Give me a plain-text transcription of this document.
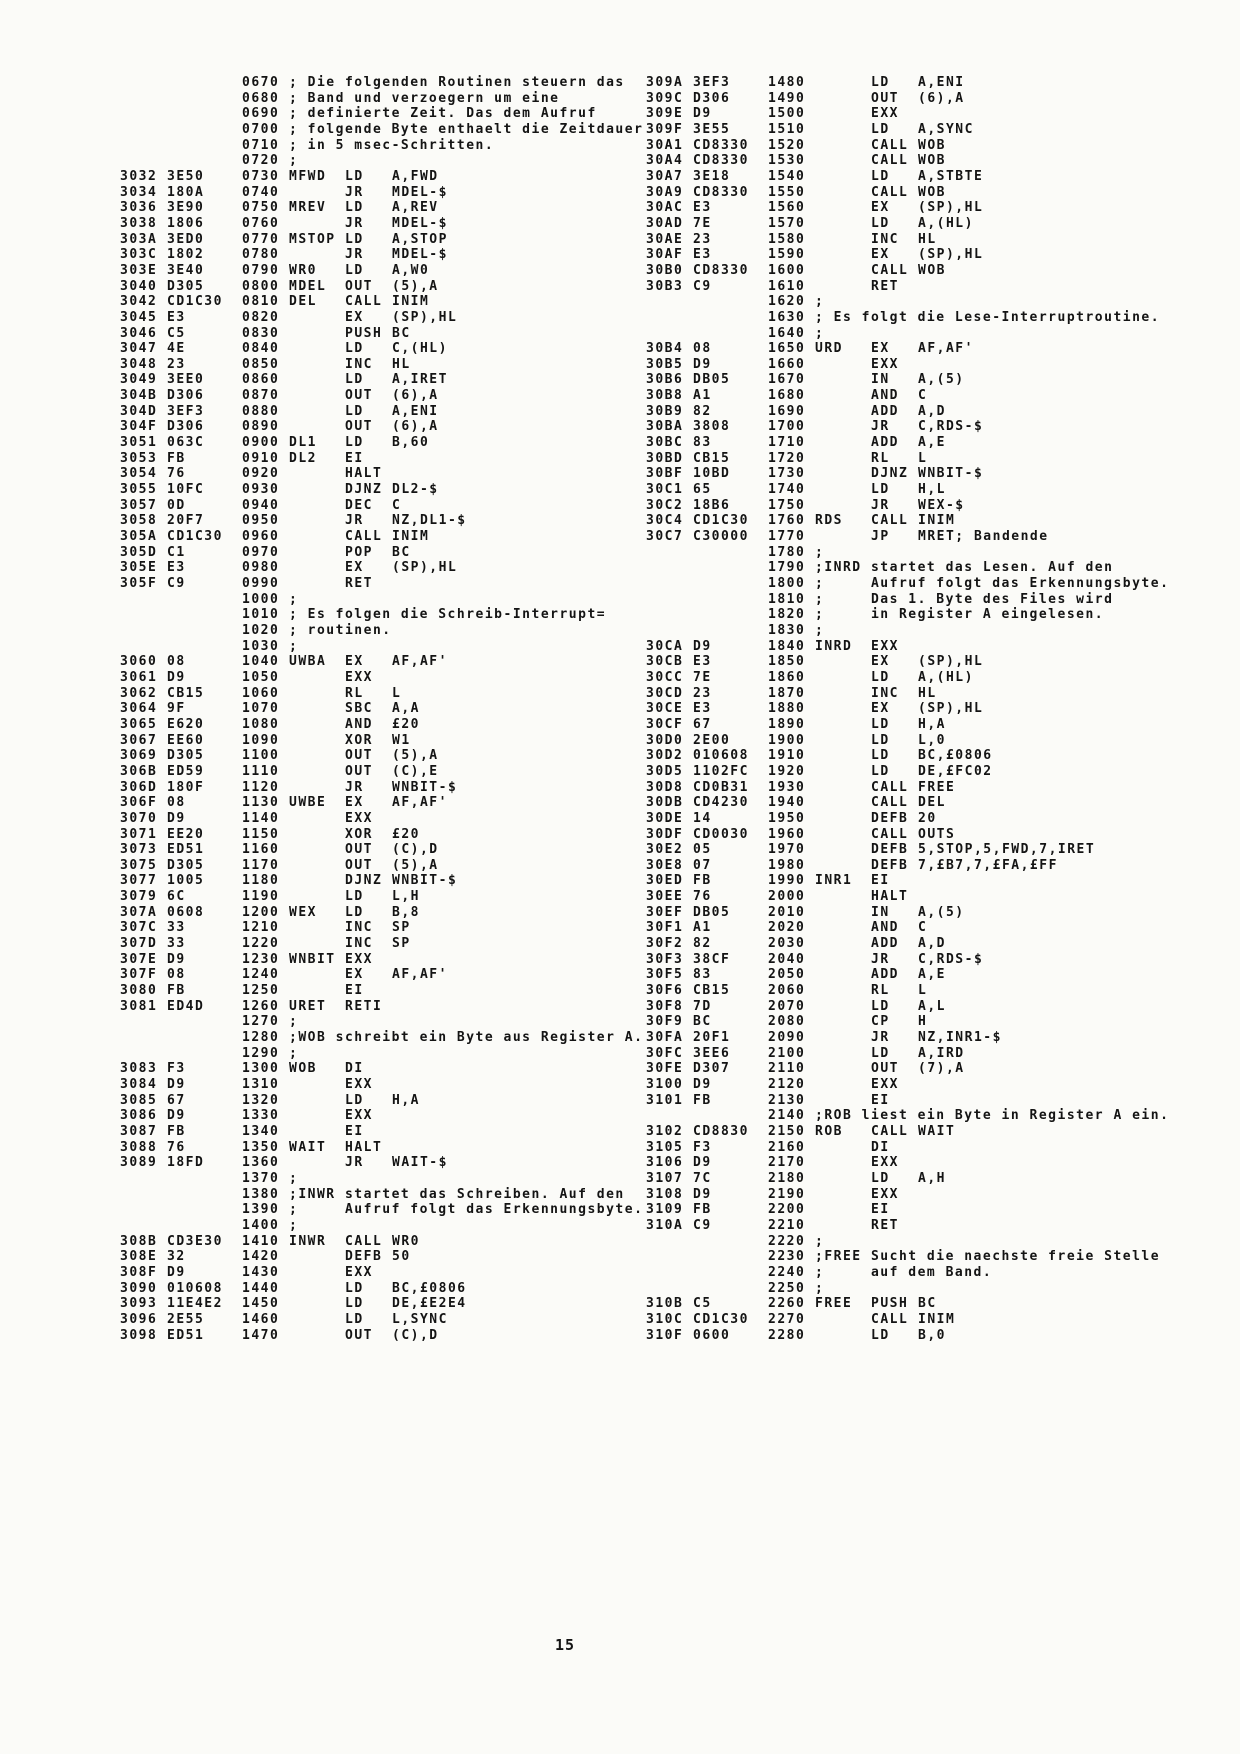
0670 ; Die folgenden Routinen steuern das
0680 ; Band und verzoegern um eine
0690 ; definierte Zeit. Das dem Aufruf
0700 ; folgende Byte enthaelt die Zeitdauer
0710 ; in 5 msec-Schritten.
0720 ;
3032 3E50	0730 MFWD LD A,FWD
3034 180A	0740	JR MDEL-$
3036 3E90	0750 MREV LD A,REV
3038 1806	0760	JR MDEL-$
303A 3ED0	0770 MSTOP LD A,STOP
303C 1802	0780	JR MDEL-$
303E 3E40	0790 WR0 LD A,W0
3040 D305	0800 MDEL OUT (5),A
3042 CD1C30 0810 DEL CALL INIM
3045 E3	0820	EX (SP),HL
3046 C5	0830	PUSH BC
3047 4E	0840	LD C,(HL)
3048 23	0850	INC HL
3049 3EE0	0860	LD A,IRET
304B D306	0870	OUT (6),A
304D 3EF3	0880	LD A,ENI
304F D306	0890	OUT (6),A
3051 063C	0900 DL1 LD B,60
3053 FB	0910 DL2 EI
3054 76	0920	HALT
3055 10FC	0930	DJNZ DL2-$
3057 0D	0940	DEC C
3058 20F7	0950	JR NZ,DL1-$
305A CD1C30 0960	CALL INIM
305D C1	0970	POP BC
305E E3	0980	EX (SP),HL
305F C9	0990	RET
1000 ;
1010 ; Es folgen die Schreib-Interrupt=
1020 ; routinen.
1030 ;
3060 08	1040 UWBA EX AF,AF'
3061 D9	1050	EXX
3062 CB15	1060	RL L
3064 9F	1070	SBC A,A
3065 E620	1080	AND £20
3067 EE60	1090	XOR W1
3069 D305	1100	OUT (5),A
306B ED59	1110	OUT (C),E
306D 180F	1120	JR WNBIT-$
306F 08	1130 UWBE EX AF,AF'
3070 D9	1140	EXX
3071 EE20	1150	XOR £20
3073 ED51	1160	OUT (C),D
3075 D305	1170	OUT (5),A
3077 1005	1180	DJNZ WNBIT-$
3079 6C	1190	LD L,H
307A 0608	1200 WEX LD B,8
307C 33	1210	INC SP
307D 33	1220	INC SP
307E D9	1230 WNBIT EXX
307F 08	1240	EX AF,AF'
3080 FB	1250	EI
3081 ED4D	1260 URET RETI
1270 ;
1280 ;WOB schreibt ein Byte aus Register A.
1290 ;
3083 F3	1300 WOB DI
3084 D9	1310	EXX
3085 67	1320	LD H,A
3086 D9	1330	EXX
3087 FB	1340	EI
3088 76	1350 WAIT HALT
3089 18FD	1360	JR WAIT-$
1370 ;
1380 ;INWR startet das Schreiben. Auf den
1390 ;     Aufruf folgt das Erkennungsbyte.
1400 ;
308B CD3E30 1410 INWR CALL WR0
308E 32	1420	DEFB 50
308F D9	1430	EXX
3090 010608 1440	LD BC,£0806
3093 11E4E2 1450	LD DE,£E2E4
3096 2E55	1460	LD L,SYNC
3098 ED51	1470	OUT (C),D
309A 3EF3	1480	LD A,ENI
309C D306	1490	OUT (6),A
309E D9	1500	EXX
309F 3E55	1510	LD A,SYNC
30A1 CD8330 1520	CALL WOB
30A4 CD8330 1530	CALL WOB
30A7 3E18	1540	LD A,STBTE
30A9 CD8330 1550	CALL WOB
30AC E3	1560	EX (SP),HL
30AD 7E	1570	LD A,(HL)
30AE 23	1580	INC HL
30AF E3	1590	EX (SP),HL
30B0 CD8330 1600	CALL WOB
30B3 C9	1610	RET
1620 ;
1630 ; Es folgt die Lese-Interruptroutine.
1640 ;
30B4 08	1650 URD EX AF,AF'
30B5 D9	1660	EXX
30B6 DB05	1670	IN A,(5)
30B8 A1	1680	AND C
30B9 82	1690	ADD A,D
30BA 3808	1700	JR C,RDS-$
30BC 83	1710	ADD A,E
30BD CB15	1720	RL L
30BF 10BD	1730	DJNZ WNBIT-$
30C1 65	1740	LD H,L
30C2 18B6	1750	JR WEX-$
30C4 CD1C30 1760 RDS CALL INIM
30C7 C30000 1770	JP MRET; Bandende
1780 ;
1790 ;INRD startet das Lesen. Auf den
1800 ;     Aufruf folgt das Erkennungsbyte.
1810 ;     Das 1. Byte des Files wird
1820 ;     in Register A eingelesen.
1830 ;
30CA D9	1840 INRD EXX
30CB E3	1850	EX (SP),HL
30CC 7E	1860	LD A,(HL)
30CD 23	1870	INC HL
30CE E3	1880	EX (SP),HL
30CF 67	1890	LD H,A
30D0 2E00	1900	LD L,0
30D2 010608 1910	LD BC,£0806
30D5 1102FC 1920	LD DE,£FC02
30D8 CD0B31 1930	CALL FREE
30DB CD4230 1940	CALL DEL
30DE 14	1950	DEFB 20
30DF CD0030 1960	CALL OUTS
30E2 05	1970	DEFB 5,STOP,5,FWD,7,IRET
30E8 07	1980	DEFB 7,£B7,7,£FA,£FF
30ED FB	1990 INR1 EI
30EE 76	2000	HALT
30EF DB05	2010	IN A,(5)
30F1 A1	2020	AND C
30F2 82	2030	ADD A,D
30F3 38CF	2040	JR C,RDS-$
30F5 83	2050	ADD A,E
30F6 CB15	2060	RL L
30F8 7D	2070	LD A,L
30F9 BC	2080	CP H
30FA 20F1	2090	JR NZ,INR1-$
30FC 3EE6	2100	LD A,IRD
30FE D307	2110	OUT (7),A
3100 D9	2120	EXX
3101 FB	2130	EI
2140 ;ROB liest ein Byte in Register A ein.
3102 CD8830 2150 ROB CALL WAIT
3105 F3	2160	DI
3106 D9	2170	EXX
3107 7C	2180	LD A,H
3108 D9	2190	EXX
3109 FB	2200	EI
310A C9	2210	RET
2220 ;
2230 ;FREE Sucht die naechste freie Stelle
2240 ;     auf dem Band.
2250 ;
310B C5	2260 FREE PUSH BC
310C CD1C30 2270	CALL INIM
310F 0600	2280	LD B,0
15
